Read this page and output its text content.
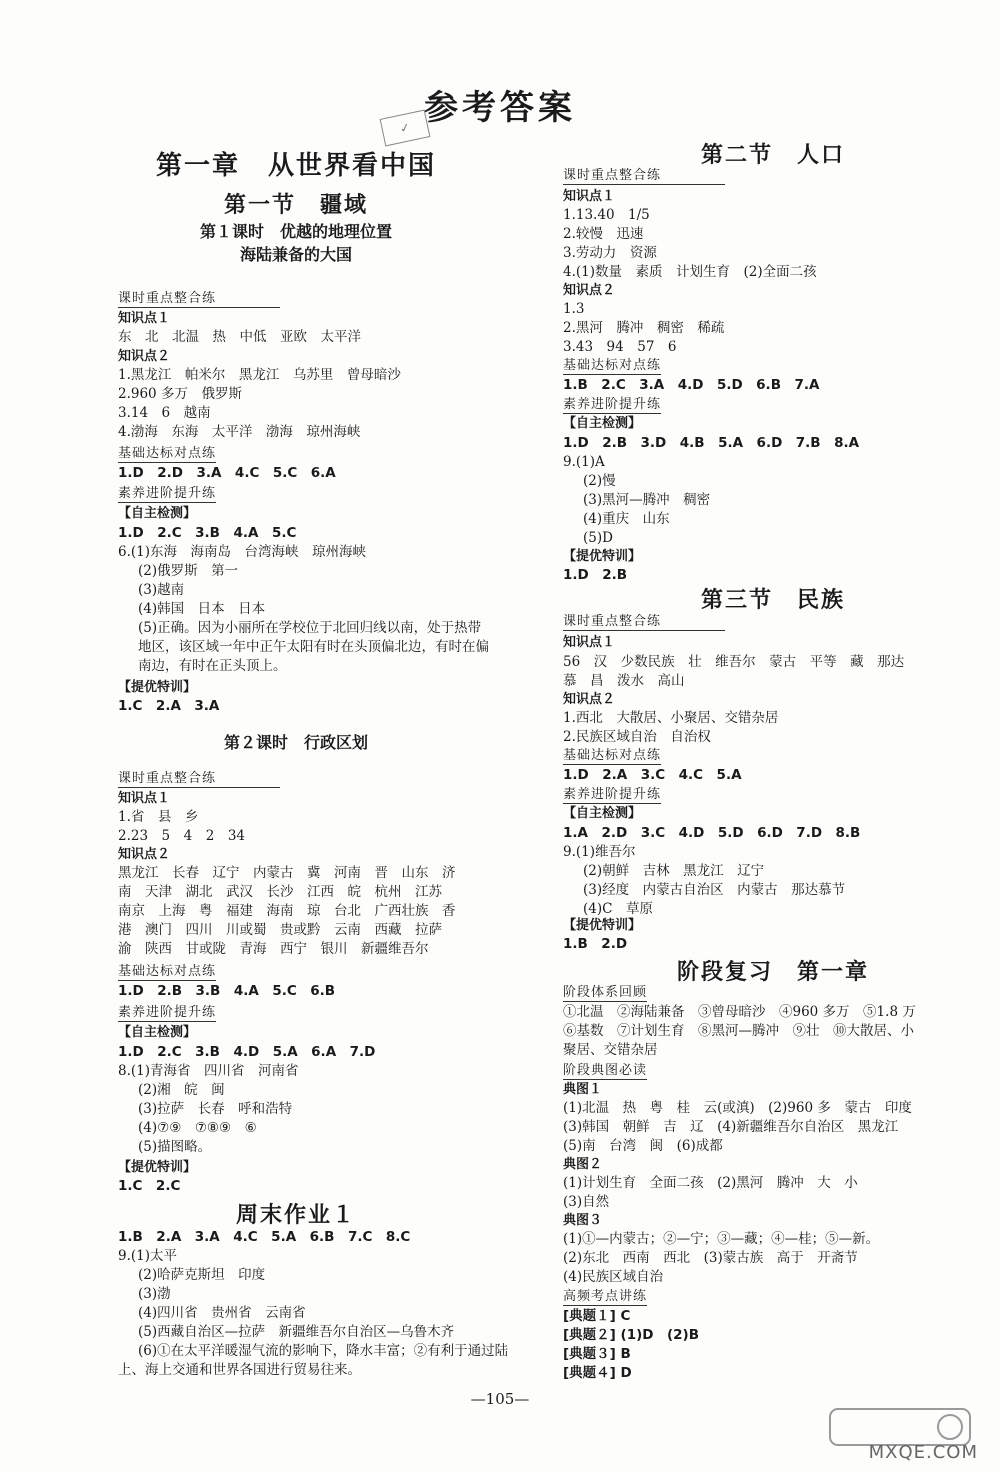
参考答案
✓
第一章　从世界看中国
第一节　疆域
第１课时　优越的地理位置
海陆兼备的大国
课时重点整合练
知识点１
东　北　北温　热　中低　亚欧　太平洋
知识点２
1.黑龙江　帕米尔　黑龙江　乌苏里　曾母暗沙
2.960 多万　俄罗斯
3.14　6　越南
4.渤海　东海　太平洋　渤海　琼州海峡
基础达标对点练
1.D　2.D　3.A　4.C　5.C　6.A
素养进阶提升练
【自主检测】
1.D　2.C　3.B　4.A　5.C
6.(1)东海　海南岛　台湾海峡　琼州海峡
(2)俄罗斯　第一
(3)越南
(4)韩国　日本　日本
(5)正确。因为小丽所在学校位于北回归线以南，处于热带
地区，该区域一年中正午太阳有时在头顶偏北边，有时在偏
南边，有时在正头顶上。
【提优特训】
1.C　2.A　3.A
第２课时　行政区划
课时重点整合练
知识点１
1.省　县　乡
2.23　5　4　2　34
知识点２
黑龙江　长春　辽宁　内蒙古　冀　河南　晋　山东　济
南　天津　湖北　武汉　长沙　江西　皖　杭州　江苏
南京　上海　粤　福建　海南　琼　台北　广西壮族　香
港　澳门　四川　川或蜀　贵或黔　云南　西藏　拉萨
渝　陕西　甘或陇　青海　西宁　银川　新疆维吾尔
基础达标对点练
1.D　2.B　3.B　4.A　5.C　6.B
素养进阶提升练
【自主检测】
1.D　2.C　3.B　4.D　5.A　6.A　7.D
8.(1)青海省　四川省　河南省
(2)湘　皖　闽
(3)拉萨　长春　呼和浩特
(4)⑦⑨　⑦⑧⑨　⑥
(5)描图略。
【提优特训】
1.C　2.C
周末作业１
1.B　2.A　3.A　4.C　5.A　6.B　7.C　8.C
9.(1)太平
(2)哈萨克斯坦　印度
(3)渤
(4)四川省　贵州省　云南省
(5)西藏自治区—拉萨　新疆维吾尔自治区—乌鲁木齐
(6)①在太平洋暖湿气流的影响下，降水丰富；②有利于通过陆
上、海上交通和世界各国进行贸易往来。
第二节　人口
课时重点整合练
知识点１
1.13.40　1/5
2.较慢　迅速
3.劳动力　资源
4.(1)数量　素质　计划生育　(2)全面二孩
知识点２
1.3
2.黑河　腾冲　稠密　稀疏
3.43　94　57　6
基础达标对点练
1.B　2.C　3.A　4.D　5.D　6.B　7.A
素养进阶提升练
【自主检测】
1.D　2.B　3.D　4.B　5.A　6.D　7.B　8.A
9.(1)A
(2)慢
(3)黑河—腾冲　稠密
(4)重庆　山东
(5)D
【提优特训】
1.D　2.B
第三节　民族
课时重点整合练
知识点１
56　汉　少数民族　壮　维吾尔　蒙古　平等　藏　那达
慕　昌　泼水　高山
知识点２
1.西北　大散居、小聚居、交错杂居
2.民族区域自治　自治权
基础达标对点练
1.D　2.A　3.C　4.C　5.A
素养进阶提升练
【自主检测】
1.A　2.D　3.C　4.D　5.D　6.D　7.D　8.B
9.(1)维吾尔
(2)朝鲜　吉林　黑龙江　辽宁
(3)经度　内蒙古自治区　内蒙古　那达慕节
(4)C　草原
【提优特训】
1.B　2.D
阶段复习　第一章
阶段体系回顾
①北温　②海陆兼备　③曾母暗沙　④960 多万　⑤1.8 万
⑥基数　⑦计划生育　⑧黑河—腾冲　⑨壮　⑩大散居、小
聚居、交错杂居
阶段典图必读
典图１
(1)北温　热　粤　桂　云(或滇)　(2)960 多　蒙古　印度
(3)韩国　朝鲜　吉　辽　(4)新疆维吾尔自治区　黑龙江
(5)南　台湾　闽　(6)成都
典图２
(1)计划生育　全面二孩　(2)黑河　腾冲　大　小
(3)自然
典图３
(1)①—内蒙古；②—宁；③—藏；④—桂；⑤—新。
(2)东北　西南　西北　(3)蒙古族　高于　开斋节
(4)民族区域自治
高频考点讲练
[典题１] C
[典题２] (1)D　(2)B
[典题３] B
[典题４] D
—105—
MXQE.COM
